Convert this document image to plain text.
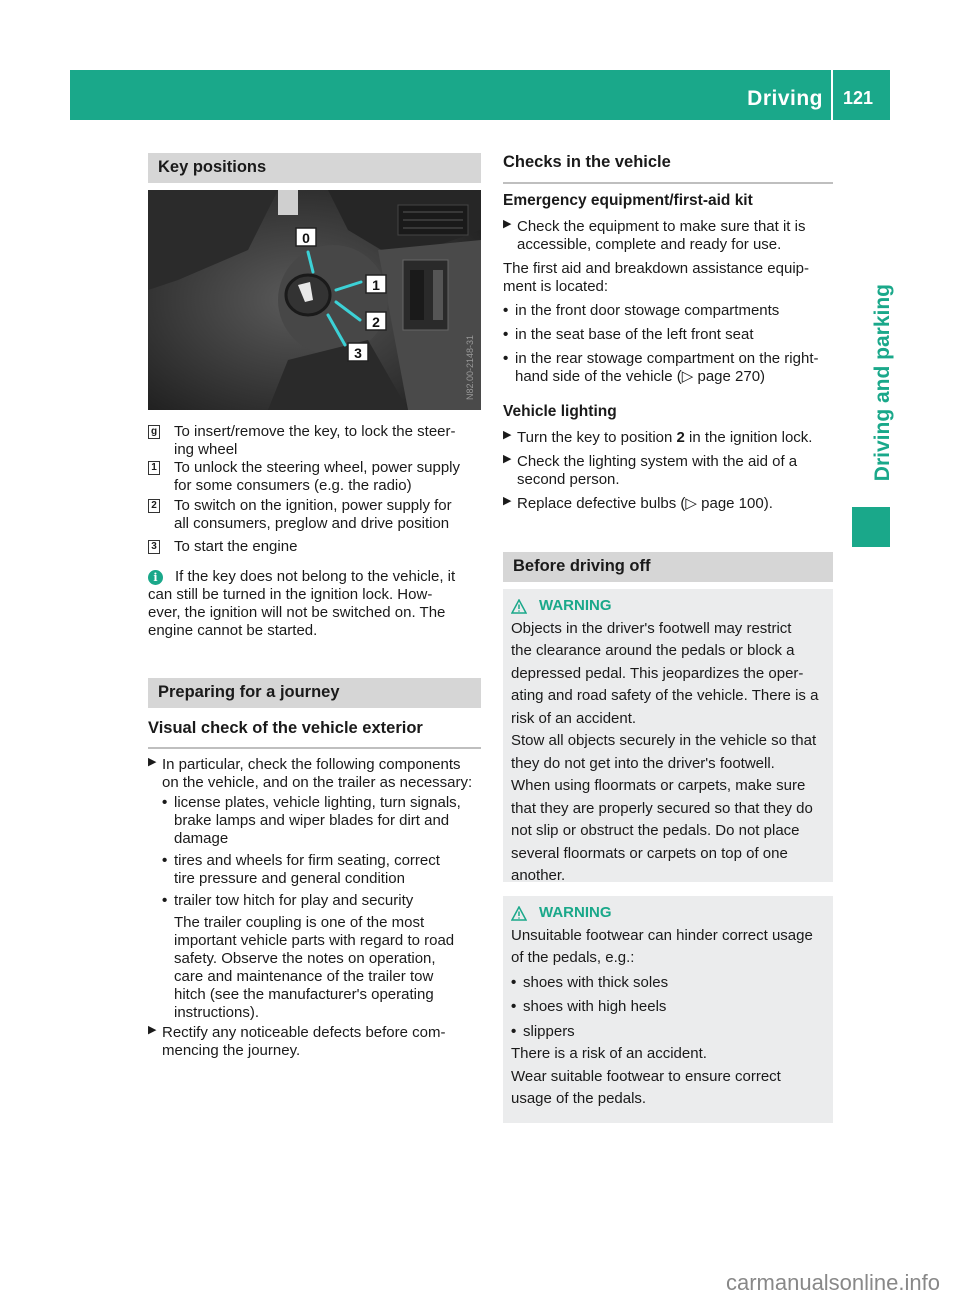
Driving 121
Driving and parking
Key positions
0
1
2
3	N82.00-2148-31
g To insert/remove the key, to lock the steer-
ing wheel
1 To unlock the steering wheel, power supply
for some consumers (e.g. the radio)
2 To switch on the ignition, power supply for
all consumers, preglow and drive position
3 To start the engine
i	If the key does not belong to the vehicle, it
can still be turned in the ignition lock. How-
ever, the ignition will not be switched on. The
engine cannot be started.
Preparing for a journey
Visual check of the vehicle exterior
▶ In particular, check the following components
on the vehicle, and on the trailer as necessary:
• license plates, vehicle lighting, turn signals,
brake lamps and wiper blades for dirt and
damage
• tires and wheels for firm seating, correct
tire pressure and general condition
• trailer tow hitch for play and security
The trailer coupling is one of the most
important vehicle parts with regard to road
safety. Observe the notes on operation,
care and maintenance of the trailer tow
hitch (see the manufacturer's operating
instructions).
▶ Rectify any noticeable defects before com-
mencing the journey.
Checks in the vehicle
Emergency equipment/first-aid kit
▶ Check the equipment to make sure that it is
accessible, complete and ready for use.
The first aid and breakdown assistance equip-
ment is located:
• in the front door stowage compartments
• in the seat base of the left front seat
• in the rear stowage compartment on the right-
hand side of the vehicle (▷ page 270)
Vehicle lighting
▶ Turn the key to position 2 in the ignition lock.
▶ Check the lighting system with the aid of a
second person.
▶ Replace defective bulbs (▷ page 100).
Before driving off
WARNING
Objects in the driver's footwell may restrict
the clearance around the pedals or block a
depressed pedal. This jeopardizes the oper-
ating and road safety of the vehicle. There is a
risk of an accident.
Stow all objects securely in the vehicle so that
they do not get into the driver's footwell.
When using floormats or carpets, make sure
that they are properly secured so that they do
not slip or obstruct the pedals. Do not place
several floormats or carpets on top of one
another.
WARNING
Unsuitable footwear can hinder correct usage
of the pedals, e.g.:
• shoes with thick soles
• shoes with high heels
• slippers
There is a risk of an accident.
Wear suitable footwear to ensure correct
usage of the pedals.
carmanualsonline.info
